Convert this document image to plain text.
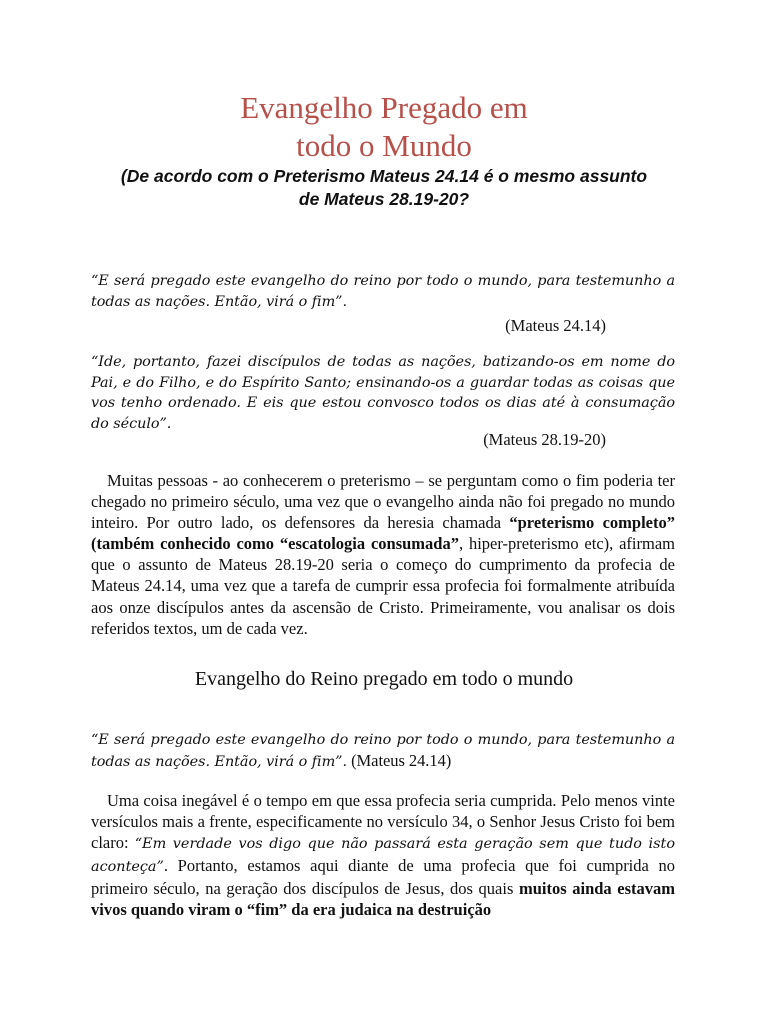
Evangelho Pregado em
todo o Mundo

(De acordo com o Preterismo Mateus 24.14 é o mesmo assunto de Mateus 28.19-20?

“E será pregado este evangelho do reino por todo o mundo, para testemunho a todas as nações. Então, virá o fim”.

(Mateus 24.14)

“Ide, portanto, fazei discípulos de todas as nações, batizando-os em nome do Pai, e do Filho, e do Espírito Santo; ensinando-os a guardar todas as coisas que vos tenho ordenado. E eis que estou convosco todos os dias até à consumação do século”.

(Mateus 28.19-20)

Muitas pessoas - ao conhecerem o preterismo – se perguntam como o fim poderia ter chegado no primeiro século, uma vez que o evangelho ainda não foi pregado no mundo inteiro. Por outro lado, os defensores da heresia chamada “preterismo completo” (também conhecido como “escatologia consumada”, hiper-preterismo etc), afirmam que o assunto de Mateus 28.19-20 seria o começo do cumprimento da profecia de Mateus 24.14, uma vez que a tarefa de cumprir essa profecia foi formalmente atribuída aos onze discípulos antes da ascensão de Cristo. Primeiramente, vou analisar os dois referidos textos, um de cada vez.

Evangelho do Reino pregado em todo o mundo

“E será pregado este evangelho do reino por todo o mundo, para testemunho a todas as nações. Então, virá o fim”. (Mateus 24.14)

Uma coisa inegável é o tempo em que essa profecia seria cumprida. Pelo menos vinte versículos mais a frente, especificamente no versículo 34, o Senhor Jesus Cristo foi bem claro: “Em verdade vos digo que não passará esta geração sem que tudo isto aconteça”. Portanto, estamos aqui diante de uma profecia que foi cumprida no primeiro século, na geração dos discípulos de Jesus, dos quais muitos ainda estavam vivos quando viram o “fim” da era judaica na destruição
